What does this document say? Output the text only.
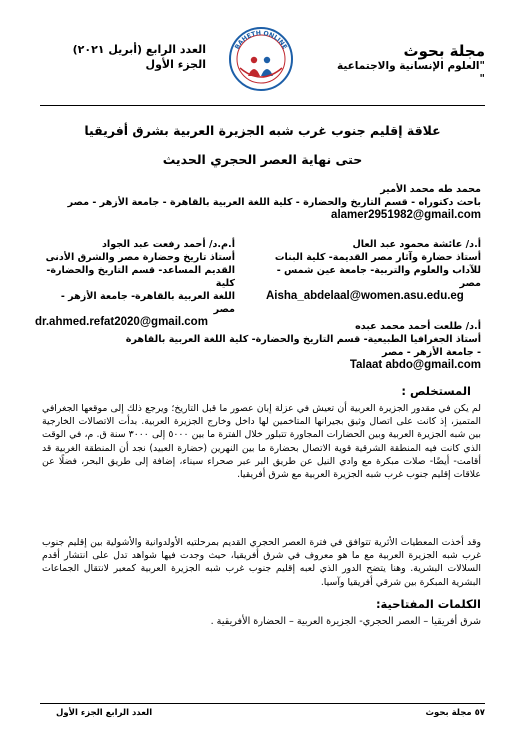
مجلة بحوث
"العلوم الإنسانية والاجتماعية "
BAHETH ONLINE
العدد الرابع (أبريل ٢٠٢١)
الجزء الأول
علاقة إقليم جنوب غرب شبه الجزيرة العربية بشرق أفريقيا
حتى نهاية العصر الحجري الحديث
محمد طه محمد الأمير
باحث دكتوراه - قسم التاريخ والحضارة - كلية اللغة العربية بالقاهرة - جامعة الأزهر - مصر
alamer2951982@gmail.com
أ.د/ عائشة محمود عبد العال
أستاذ حضارة وآثار مصر القديمة- كلية البنات
للآداب والعلوم والتربية- جامعة عين شمس -
مصر
Aisha_abdelaal@women.asu.edu.eg
أ.م.د/ أحمد رفعت عبد الجواد
أستاذ تاريخ وحضارة مصر والشرق الأدنى
القديم المساعد- قسم التاريخ والحضارة- كلية
اللغة العربية بالقاهرة- جامعة الأزهر -
مصر
dr.ahmed.refat2020@gmail.com	أ.د/ طلعت أحمد محمد عبده
أستاذ الجغرافيا الطبيعية- قسم التاريخ والحضارة- كلية اللغة العربية بالقاهرة
- جامعة الأزهر - مصر
Talaat abdo@gmail.com
المستخلص :
لم يكن في مقدور الجزيرة العربية أن تعيش في عزلة إبان عصور ما قبل التاريخ؛ ويرجع ذلك إلى موقعها الجغرافي المتميز، إذ كانت على اتصال وثيق بجيرانها المتاخمين لها داخل وخارج الجزيرة العربية. بدأت الاتصالات الخارجية بين شبه الجزيرة العربية وبين الحضارات المجاورة تتبلور خلال الفترة ما بين ٥٠٠٠ إلى ٣٠٠٠ سنة ق. م، في الوقت الذي كانت فيه المنطقة الشرقية قوية الاتصال بحضارة ما بين النهرين (حضارة العبيد) نجد أن المنطقة الغربية قد أقامت- أيضًا- صلات مبكرة مع وادي النيل عن طريق البر عبر صحراء سيناء، إضافة إلى طريق البحر، فضلًا عن علاقات إقليم جنوب غرب شبه الجزيرة العربية مع شرق أفريقيا.
وقد أخذت المعطيات الأثرية تتوافق في فترة العصر الحجري القديم بمرحلتيه الأولدوانية والأشولية بين إقليم جنوب غرب شبه الجزيرة العربية مع ما هو معروف في شرق أفريقيا، حيث وجدت فيها شواهد تدل على انتشار أقدم السلالات البشرية. وهنا يتضح الدور الذي لعبه إقليم جنوب غرب شبه الجزيرة العربية كمعبر لانتقال الجماعات البشرية المبكرة بين شرقي أفريقيا وآسيا.
الكلمات المفتاحية:
شرق أفريقيا – العصر الحجري- الجزيرة العربية – الحضارة الأفريقية .
٥٧ مجلة بحوث
العدد الرابع الجزء الأول
